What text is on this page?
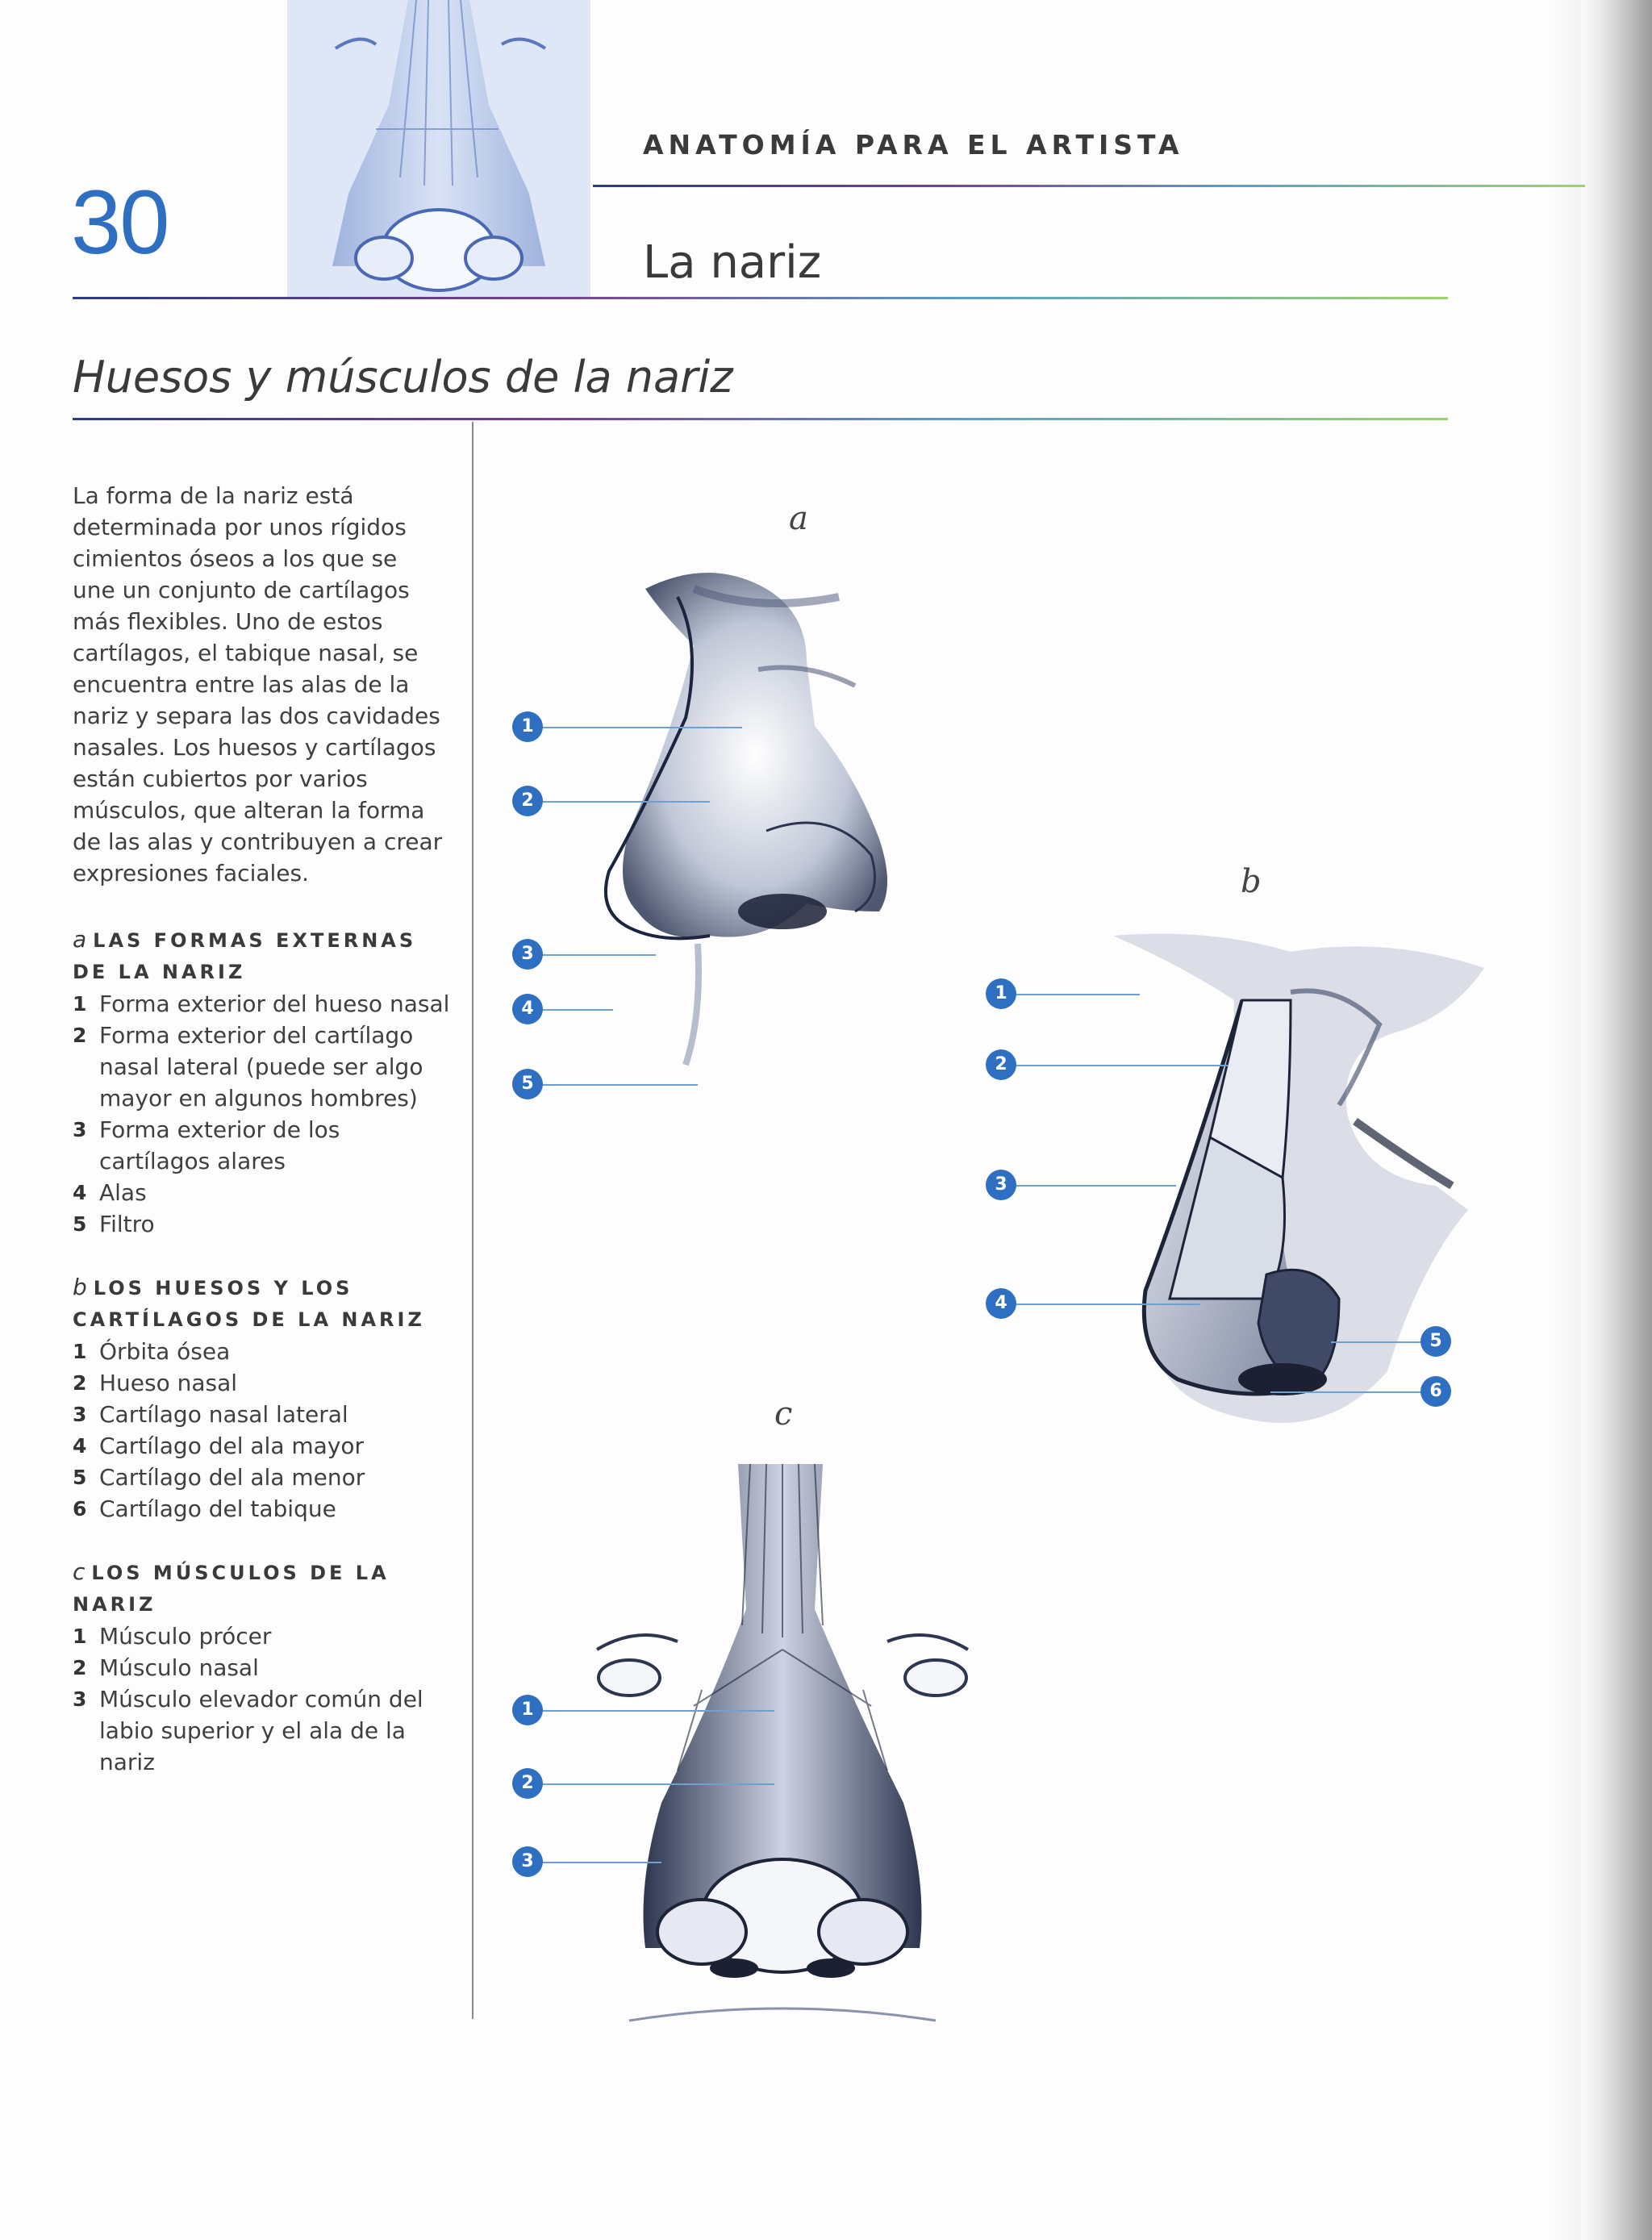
30
ANATOMÍA PARA EL ARTISTA
La nariz
Huesos y músculos de la nariz
La forma de la nariz está determinada por unos rígidos cimientos óseos a los que se une un conjunto de cartílagos más flexibles. Uno de estos cartílagos, el tabique nasal, se encuentra entre las alas de la nariz y separa las dos cavidades nasales. Los huesos y cartílagos están cubiertos por varios músculos, que alteran la forma de las alas y contribuyen a crear expresiones faciales.
a LAS FORMAS EXTERNAS
DE LA NARIZ
1 Forma exterior del hueso nasal
2 Forma exterior del cartílago nasal lateral (puede ser algo mayor en algunos hombres)
3 Forma exterior de los cartílagos alares
4 Alas
5 Filtro
b LOS HUESOS Y LOS
CARTÍLAGOS DE LA NARIZ
1 Órbita ósea
2 Hueso nasal
3 Cartílago nasal lateral
4 Cartílago del ala mayor
5 Cartílago del ala menor
6 Cartílago del tabique
c LOS MÚSCULOS DE LA NARIZ
1 Músculo prócer
2 Músculo nasal
3 Músculo elevador común del labio superior y el ala de la nariz
a
1
2
3
4
5
b
1
2
3
4
5
6
c
1
2
3
